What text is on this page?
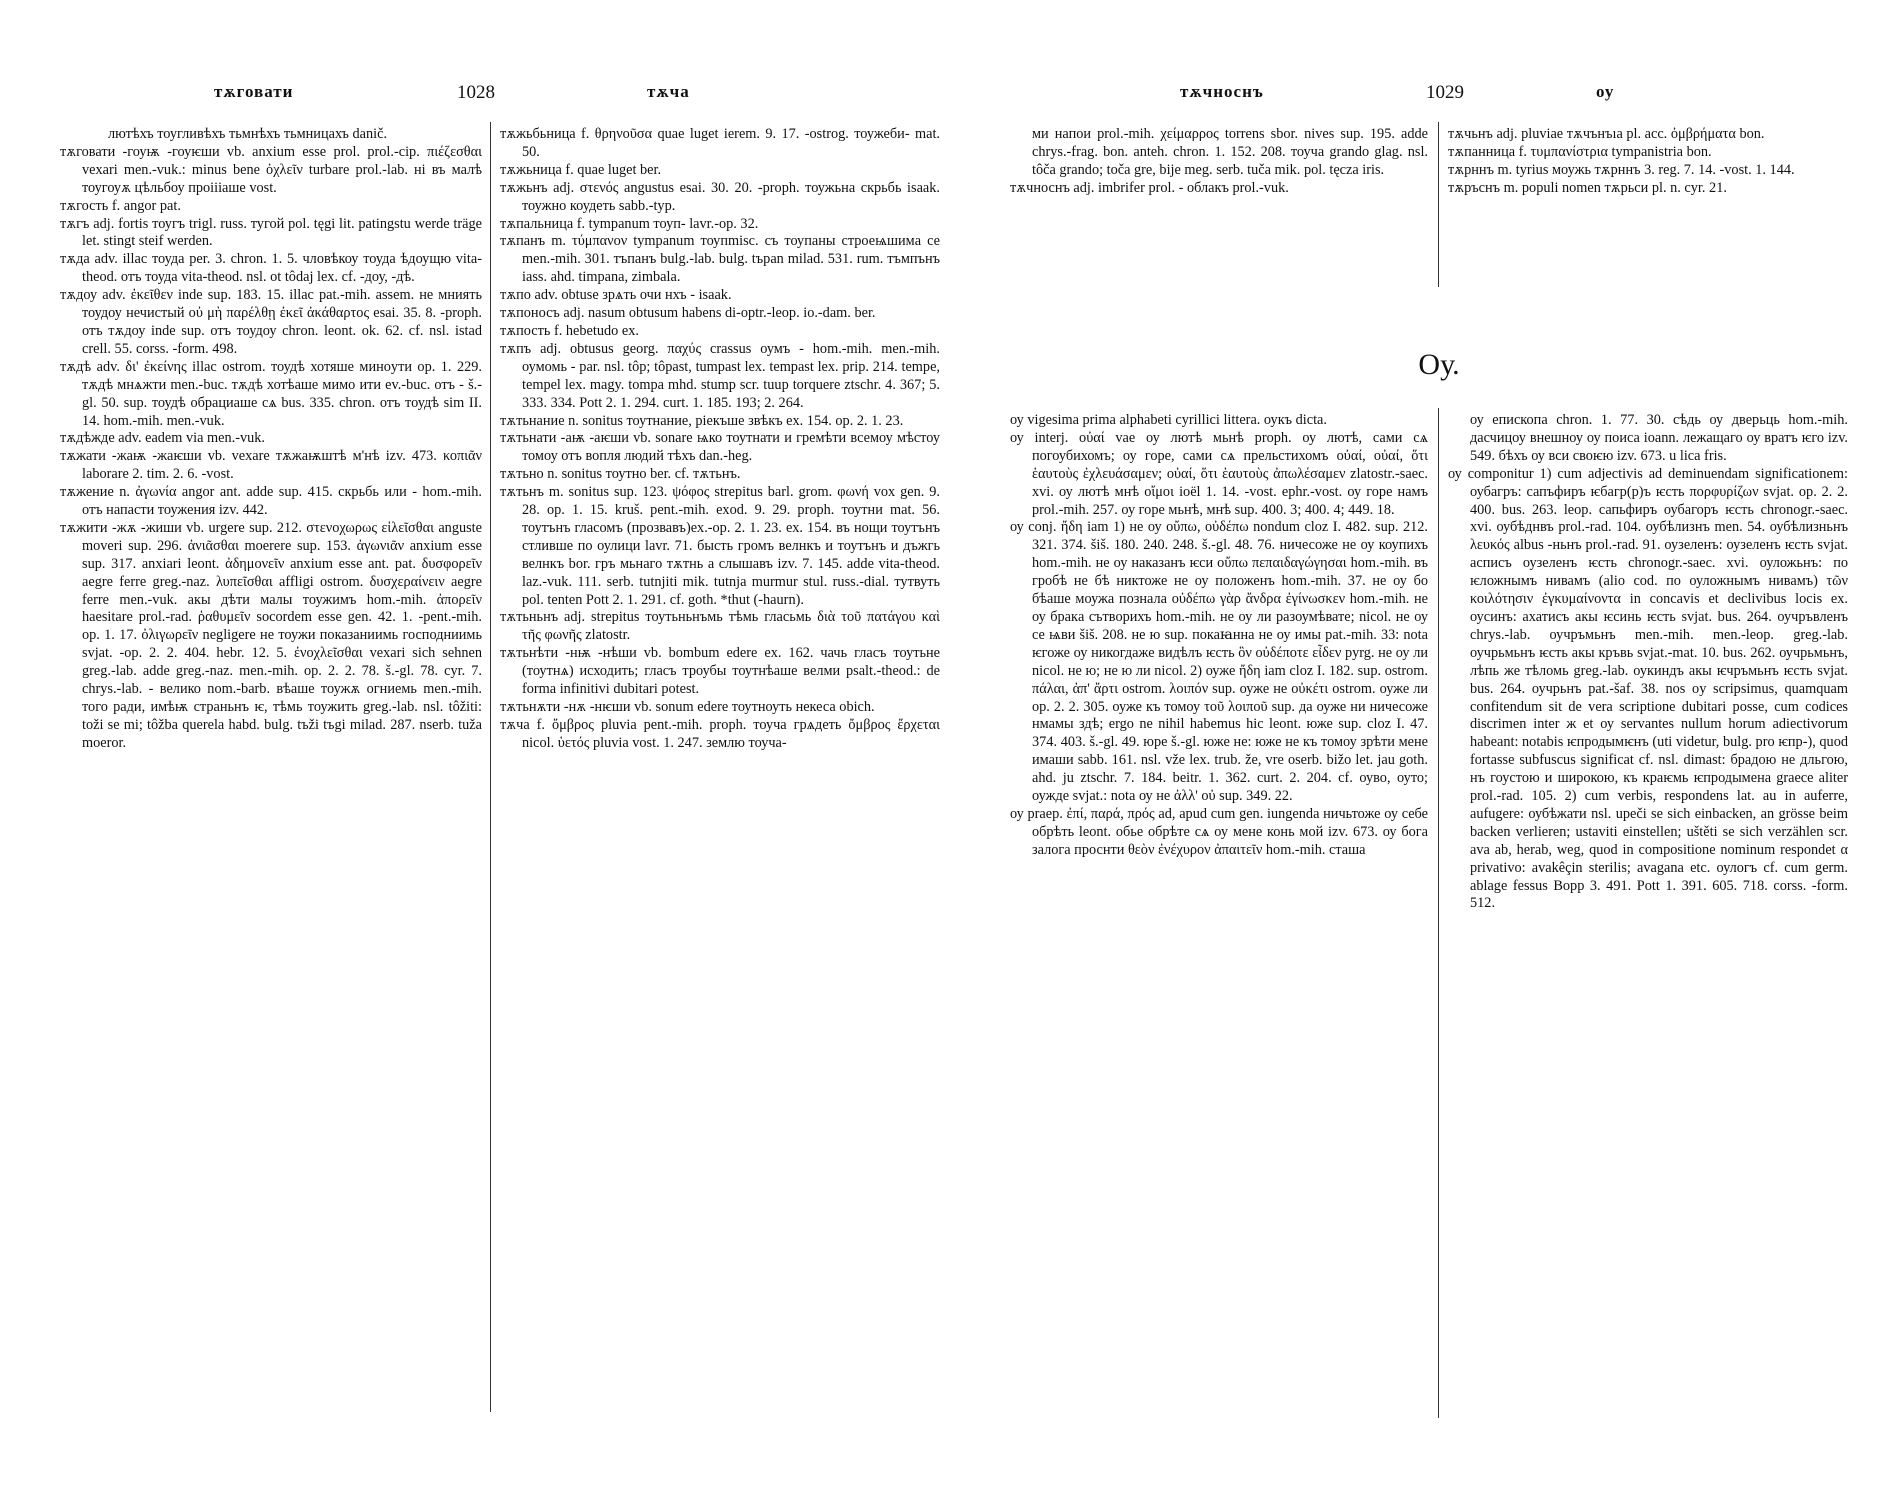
тѫговати	1028	тѫча

лютѣхъ тоугливѣхъ тьмнѣхъ тьмницахъ danič.

тѫговати -гоуѭ -гоуѥши vb. anxium esse prol. prol.-cip. πιέζεσθαι vexari men.-vuk.: minus bene ὀχλεῖν turbare prol.-lab. ні въ малѣ тоугоуѫ цѣльбоу проiiiаше vost.

тѫгость f. angor pat.

тѫгъ adj. fortis тоугъ trigl. russ. тугой pol. tęgi lit. patingstu werde träge let. stingt steif werden.

тѫда adv. illac тоуда per. 3. chron. 1. 5. чловѣкоу тоуда ѣдоущю vita-theod. отъ тоуда vita-theod. nsl. ot tôdaj lex. cf. -доу, -дѣ.

тѫдоу adv. ἐκεῖθεν inde sup. 183. 15. illac pat.-mih. assem. нe мниять тоудоу нечистый οὐ μὴ παρέλθῃ ἐκεῖ ἀκάθαρτος esai. 35. 8. -proph. отъ тѫдоу inde sup. отъ тоудоу chron. leont. ok. 62. cf. nsl. istad crell. 55. corss. -form. 498.

тѫдѣ adv. δι' ἐκείνης illac ostrom. тоудѣ хотяше минoути op. 1. 229. тѫдѣ мнѧжти men.-buc. тѫдѣ хотѣаше мимо ити ev.-buc. отъ - š.-gl. 50. sup. тоудѣ обрациаше сѧ bus. 335. chron. отъ тоудѣ sim II. 14. hom.-mih. men.-vuk.

тѫдѣжде adv. eadem via men.-vuk.

тѫжати -жаѭ -жаѥши vb. vexare тѫжаѭштѣ м'нѣ izv. 473. κοπιᾶν laborare 2. tim. 2. 6. -vost.

тѫжение n. ἀγωνία angor ant. adde sup. 415. скрьбь или - hom.-mih. отъ напасти тоужения izv. 442.

тѫжити -жѫ -жиши vb. urgere sup. 212. στενοχωρως εἰλεῖσθαι anguste moveri sup. 296. ἀνιᾶσθαι moerere sup. 153. ἀγωνιᾶν anxium esse sup. 317. anxiari leont. ἀδημονεῖν anxium esse ant. pat. δυσφορεῖν aegre ferre greg.-naz. λυπεῖσθαι affligi ostrom. δυσχεραίνειν aegre ferre men.-vuk. акы дѣти малы тоужимъ hom.-mih. ἀπορεῖν haesitare prol.-rad. ῥαθυμεῖν socordem esse gen. 42. 1. -pent.-mih. op. 1. 17. ὀλιγωρεῖν negligere не тоужи показаниимь господниимь svjat. -op. 2. 2. 404. hebr. 12. 5. ἐνοχλεῖσθαι vexari sich sehnen greg.-lab. adde greg.-naz. men.-mih. op. 2. 2. 78. š.-gl. 78. cyr. 7. chrys.-lab. - велико nom.-barb. вѣаше тоужѫ огниемь men.-mih. того ради, имѣѭ страньнъ ѥ, тѣмь тоужить greg.-lab. nsl. tôžiti: toži se mi; tôžba querela habd. bulg. tъži tъgi milad. 287. nserb. tuža moeror.

тѫжьбьница f. θρηνοῦσα quae luget ierem. 9. 17. -ostrog. тоужеби- mat. 50.

тѫжьница f. quae luget ber.

тѫжьнъ adj. στενός angustus esai. 30. 20. -proph. тоужьна скрьбь isaak. тоужно коудеть sabb.-typ.

тѫпальница f. tympanum тоуп- lavr.-op. 32.

тѫпанъ m. τύμπανον tympanum тоупmisc. съ тоупаны строеѩшимa се men.-mih. 301. тъпанъ bulg.-lab. bulg. tъpan milad. 531. rum. тъмпънъ iass. ahd. timpana, zimbala.

тѫпо adv. obtuse зрѧть очи нхъ - isaak.

тѫпоносъ adj. nasum obtusum habens di-optr.-leop. io.-dam. ber.

тѫпость f. hebetudo ex.

тѫпъ adj. obtusus georg. παχύς crassus оумъ - hom.-mih. men.-mih. оумомь - par. nsl. tôp; tôpast, tumpast lex. tempast lex. prip. 214. tempe, tempel lex. magy. tompa mhd. stump scr. tuup torquere ztschr. 4. 367; 5. 333. 334. Pott 2. 1. 294. curt. 1. 185. 193; 2. 264.

тѫтьнание n. sonitus тоутнание, ріекъше звѣкъ ex. 154. op. 2. 1. 23.

тѫтьнати -аѭ -аѥши vb. sonare ѩко тоутнати и гремѣти всемоу мѣстоу томоу отъ вопля людий тѣхъ dan.-heg.

тѫтьно n. sonitus тоутно ber. cf. тѫтьнъ.

тѫтьнъ m. sonitus sup. 123. ψόφος strepitus barl. grom. φωνή vox gen. 9. 28. op. 1. 15. kruš. pent.-mih. exod. 9. 29. proph. тоутни mat. 56. тоутънъ гласомъ (прозвавъ)ex.-op. 2. 1. 23. ex. 154. въ нощи тоутънъ стливше по оулици lavr. 71. бысть громъ велнкъ и тоутънъ и дъжгь велнкъ bor. гръ мьнаго тѫтнь а слышавъ izv. 7. 145. adde vita-theod. laz.-vuk. 111. serb. tutnjiti mik. tutnja murmur stul. russ.-dial. тутвуть pol. tenten Pott 2. 1. 291. cf. goth. *thut (-haurn).

тѫтьньнъ adj. strepitus тоутьньнъмь тѣмь гласьмь διὰ τοῦ πατάγου καὶ τῆς φωνῆς zlatostr.

тѫтьнѣти -нѭ -нѣши vb. bombum edere ex. 162. чачь гласъ тоутьне (тоутнѧ) исходить; гласъ троубы тоутнѣаше велми psalt.-theod.: de forma infinitivi dubitari potest.

тѫтьнѫти -нѫ -нѥши vb. sonum edere тоутноуть некеса obich.

тѫча f. ὄμβρος pluvia pent.-mih. proph. тоуча грѧдеть ὄμβρος ἔρχεται nicol. ὑετός pluvia vost. 1. 247. землю тоуча-

тѫчноснъ	1029	оу

ми напои prol.-mih. χείμαρρος torrens sbor. nives sup. 195. adde chrys.-frag. bon. anteh. chron. 1. 152. 208. тоуча grando glag. nsl. tôča grando; toča gre, bije meg. serb. tuča mik. pol. tęcza iris.

тѫчноснъ adj. imbrifer prol. - облакъ prol.-vuk.

тѫчьнъ adj. pluviae тѫчънъıа pl. acc. ὀμβρήματα bon.

тѫпанница f. τυμπανίστρια tympanistria bon.

тѫрннъ m. tyrius моужь тѫрннъ 3. reg. 7. 14. -vost. 1. 144.

тѫръснъ m. populi nomen тѫрьси pl. n. cyr. 21.

Оу.

оу vigesima prima alphabeti cyrillici littera. оукъ dicta.

оу interj. οὐαί vae оу лютѣ мьнѣ proph. оу лютѣ, сами сѧ погоубихомъ; оу горе, сами сѧ прельстихомъ οὐαί, οὐαί, ὅτι ἑαυτοὺς ἐχλευάσαμεν; οὐαί, ὅτι ἑαυτοὺς ἀπωλέσαμεν zlatostr.-saec. xvi. оу лютѣ мнѣ οἴμοι ioël 1. 14. -vost. ephr.-vost. оу горе намъ prol.-mih. 257. оу горе мьнѣ, мнѣ sup. 400. 3; 400. 4; 449. 18.

оу conj. ἤδη iam 1) не оу οὔπω, οὐδέπω nondum cloz I. 482. sup. 212. 321. 374. šiš. 180. 240. 248. š.-gl. 48. 76. ничесоже не оу коупихъ hom.-mih. не оу наказанъ ѥси οὔπω πεπαιδαγώγησαι hom.-mih. въ гробѣ не бѣ никтоже не оу положенъ hom.-mih. 37. не оу бо бѣаше моужа познала οὐδέπω γὰρ ἄνδρα ἐγίνωσκεν hom.-mih. не оу бракa сътворихъ hom.-mih. не оу ли разоумѣвате; nicol. не оу се ѩви šiš. 208. не ю sup. покаꙗнна не оу имы pat.-mih. 33: nota ѥгоже оу никогдаже видѣлъ ѥсть ὃν οὐδέποτε εἶδεν pyrg. не оу ли nicol. не ю; не ю ли nicol. 2) оуже ἤδη iam cloz I. 182. sup. ostrom. πάλαι, ἀπ' ἄρτι ostrom. λοιπόν sup. оуже не οὐκέτι ostrom. оуже ли op. 2. 2. 305. оуже къ томоу τοῦ λοιποῦ sup. да оуже ни ничесоже нмамы здѣ; ergo ne nihil habemus hic leont. юже sup. cloz I. 47. 374. 403. š.-gl. 49. юре š.-gl. юже не: юже не къ томоу зрѣти мене имаши sabb. 161. nsl. vže lex. trub. že, vre oserb. bižo let. jau goth. ahd. ju ztschr. 7. 184. beitr. 1. 362. curt. 2. 204. cf. оуво, оуто; оужде svjat.: nota оу не ἀλλ' οὐ sup. 349. 22.

оу praep. ἐπί, παρά, πρός ad, apud cum gen. iungenda ничьтоже оу себе обрѣть leont. обье обрѣте сѧ оу мене конь мой izv. 673. оу бога залога проснти θεὸν ἐνέχυρον ἀπαιτεῖν hom.-mih. сташа

оу епископа chron. 1. 77. 30. сѣдь оу дверьць hom.-mih. дасчицоу внешноу оу поиса ioann. лежащаго оу вратъ ѥго izv. 549. бѣхъ оу вси своѥю izv. 673. u lica fris.

оу componitur 1) cum adjectivis ad deminuendam significationem: оубагръ: сапъфиръ ѥбагр(р)ъ ѥсть πορφυρίζων svjat. op. 2. 2. 400. bus. 263. leop. сапьфиръ оубагоръ ѥсть chronogr.-saec. xvi. оубѣднвъ prol.-rad. 104. оубѣлизнъ men. 54. оубѣлизньнъ λευκός albus -ньнъ prol.-rad. 91. оузеленъ: оузеленъ ѥсть svjat. асписъ оузеленъ ѥсть chronogr.-saec. xvi. оуложьнъ: по ѥложнымъ нивамъ (alio cod. по оуложнымъ нивамъ) τῶν κοιλότησιν ἐγκυμαίνοντα in concavis et declivibus locis ex. оусинъ: ахатисъ акы ѥсинь ѥсть svjat. bus. 264. оучръвленъ chrys.-lab. оучръмьнъ men.-mih. men.-leop. greg.-lab. оучрьмьнъ ѥсть акы кръвь svjat.-mat. 10. bus. 262. оучрьмьнъ, лѣпь же тѣломь greg.-lab. оукиндъ акы ѥчръмьнъ ѥсть svjat. bus. 264. оучрьнъ pat.-šaf. 38. nos oy scripsimus, quamquam confitendum sit de vera scriptione dubitari posse, cum codices discrimen inter ж et оу servantes nullum horum adiectivorum habeant: notabis ѥпродымѥнъ (uti videtur, bulg. pro ѥпр-), quod fortasse subfuscus significat cf. nsl. dimast: брадою не дльгою, нъ гоустою и широкою, къ краѥмь ѥпродымена graece aliter prol.-rad. 105. 2) cum verbis, respondens lat. au in auferre, aufugere: оубѣжати nsl. upeči se sich einbacken, an grösse beim backen verlieren; ustaviti einstellen; uštěti se sich verzählen scr. ava ab, herab, weg, quod in compositione nominum respondet α privativo: avakêçin sterilis; avagana etc. оулогъ cf. cum germ. ablage fessus Bopp 3. 491. Pott 1. 391. 605. 718. corss. -form. 512.
